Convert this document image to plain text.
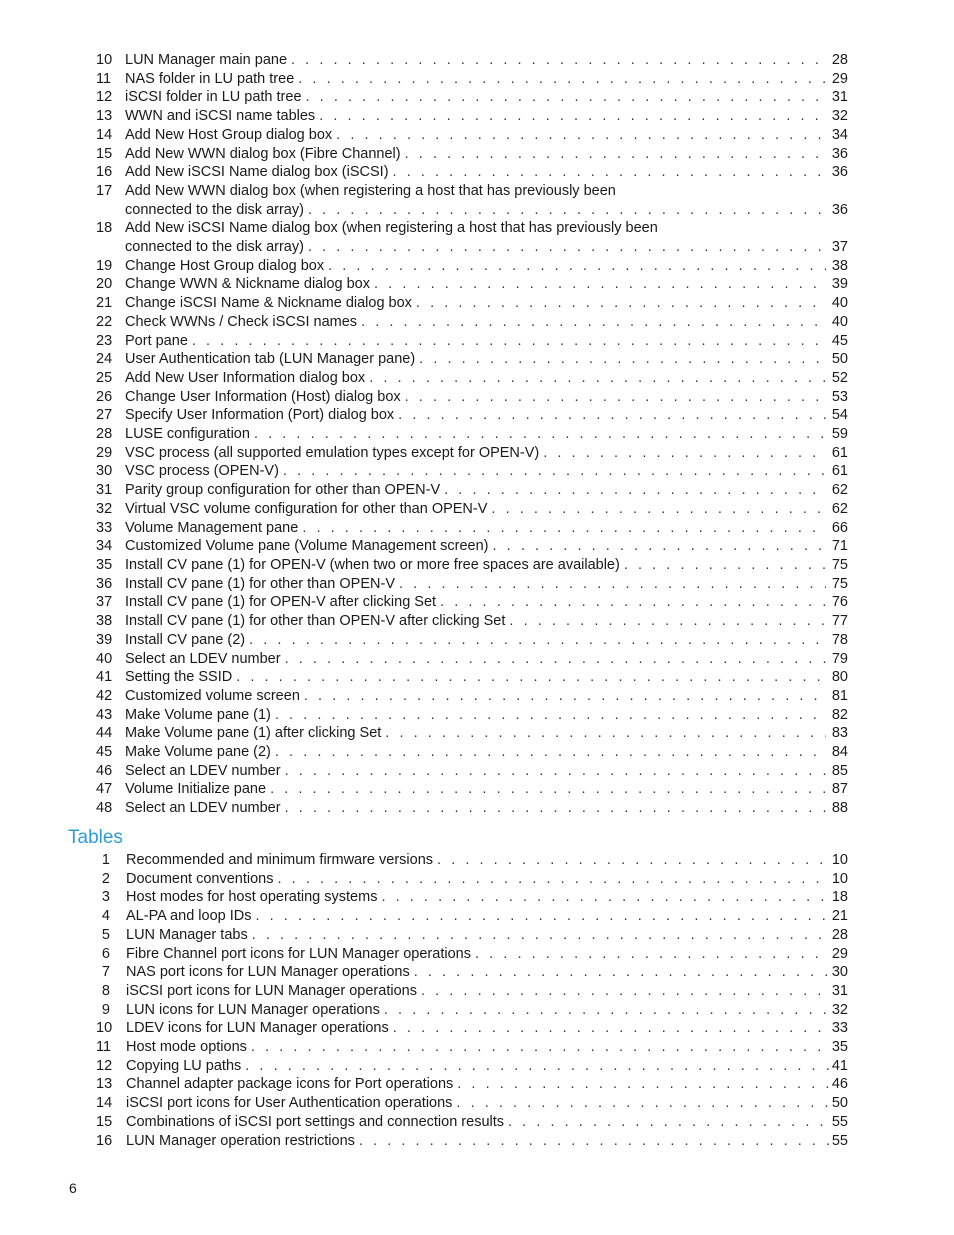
10 LUN Manager main pane . . .	28
11 NAS folder in LU path tree . . .	29
12 iSCSI folder in LU path tree . . .	31
13 WWN and iSCSI name tables . . .	32
14 Add New Host Group dialog box . . .	34
15 Add New WWN dialog box (Fibre Channel) . . .	36
16 Add New iSCSI Name dialog box (iSCSI) . . .	36
17 Add New WWN dialog box (when registering a host that has previously been
connected to the disk array) . . .	36
18 Add New iSCSI Name dialog box (when registering a host that has previously been
connected to the disk array) . . .	37
19 Change Host Group dialog box . . .	38
20 Change WWN & Nickname dialog box . . .	39
21 Change iSCSI Name & Nickname dialog box . . .	40
22 Check WWNs / Check iSCSI names . . .	40
23 Port pane . . .	45
24 User Authentication tab (LUN Manager pane) . . .	50
25 Add New User Information dialog box . . .	52
26 Change User Information (Host) dialog box . . .	53
27 Specify User Information (Port) dialog box . . .	54
28 LUSE configuration . . .	59
29 VSC process (all supported emulation types except for OPEN-V) . . .	61
30 VSC process (OPEN-V) . . .	61
31 Parity group configuration for other than OPEN-V . . .	62
32 Virtual VSC volume configuration for other than OPEN-V . . .	62
33 Volume Management pane . . .	66
34 Customized Volume pane (Volume Management screen) . . .	71
35 Install CV pane (1) for OPEN-V (when two or more free spaces are available) . . .	75
36 Install CV pane (1) for other than OPEN-V . . .	75
37 Install CV pane (1) for OPEN-V after clicking Set . . .	76
38 Install CV pane (1) for other than OPEN-V after clicking Set . . .	77
39 Install CV pane (2) . . .	78
40 Select an LDEV number . . .	79
41 Setting the SSID . . .	80
42 Customized volume screen . . .	81
43 Make Volume pane (1) . . .	82
44 Make Volume pane (1) after clicking Set . . .	83
45 Make Volume pane (2) . . .	84
46 Select an LDEV number . . .	85
47 Volume Initialize pane . . .	87
48 Select an LDEV number . . .	88
Tables
1 Recommended and minimum firmware versions . . .	10
2 Document conventions . . .	10
3 Host modes for host operating systems . . .	18
4 AL-PA and loop IDs . . .	21
5 LUN Manager tabs . . .	28
6 Fibre Channel port icons for LUN Manager operations . . .	29
7 NAS port icons for LUN Manager operations . . .	30
8 iSCSI port icons for LUN Manager operations . . .	31
9 LUN icons for LUN Manager operations . . .	32
10 LDEV icons for LUN Manager operations . . .	33
11 Host mode options . . .	35
12 Copying LU paths . . .	41
13 Channel adapter package icons for Port operations . . .	46
14 iSCSI port icons for User Authentication operations . . .	50
15 Combinations of iSCSI port settings and connection results . . .	55
16 LUN Manager operation restrictions . . .	55
6
